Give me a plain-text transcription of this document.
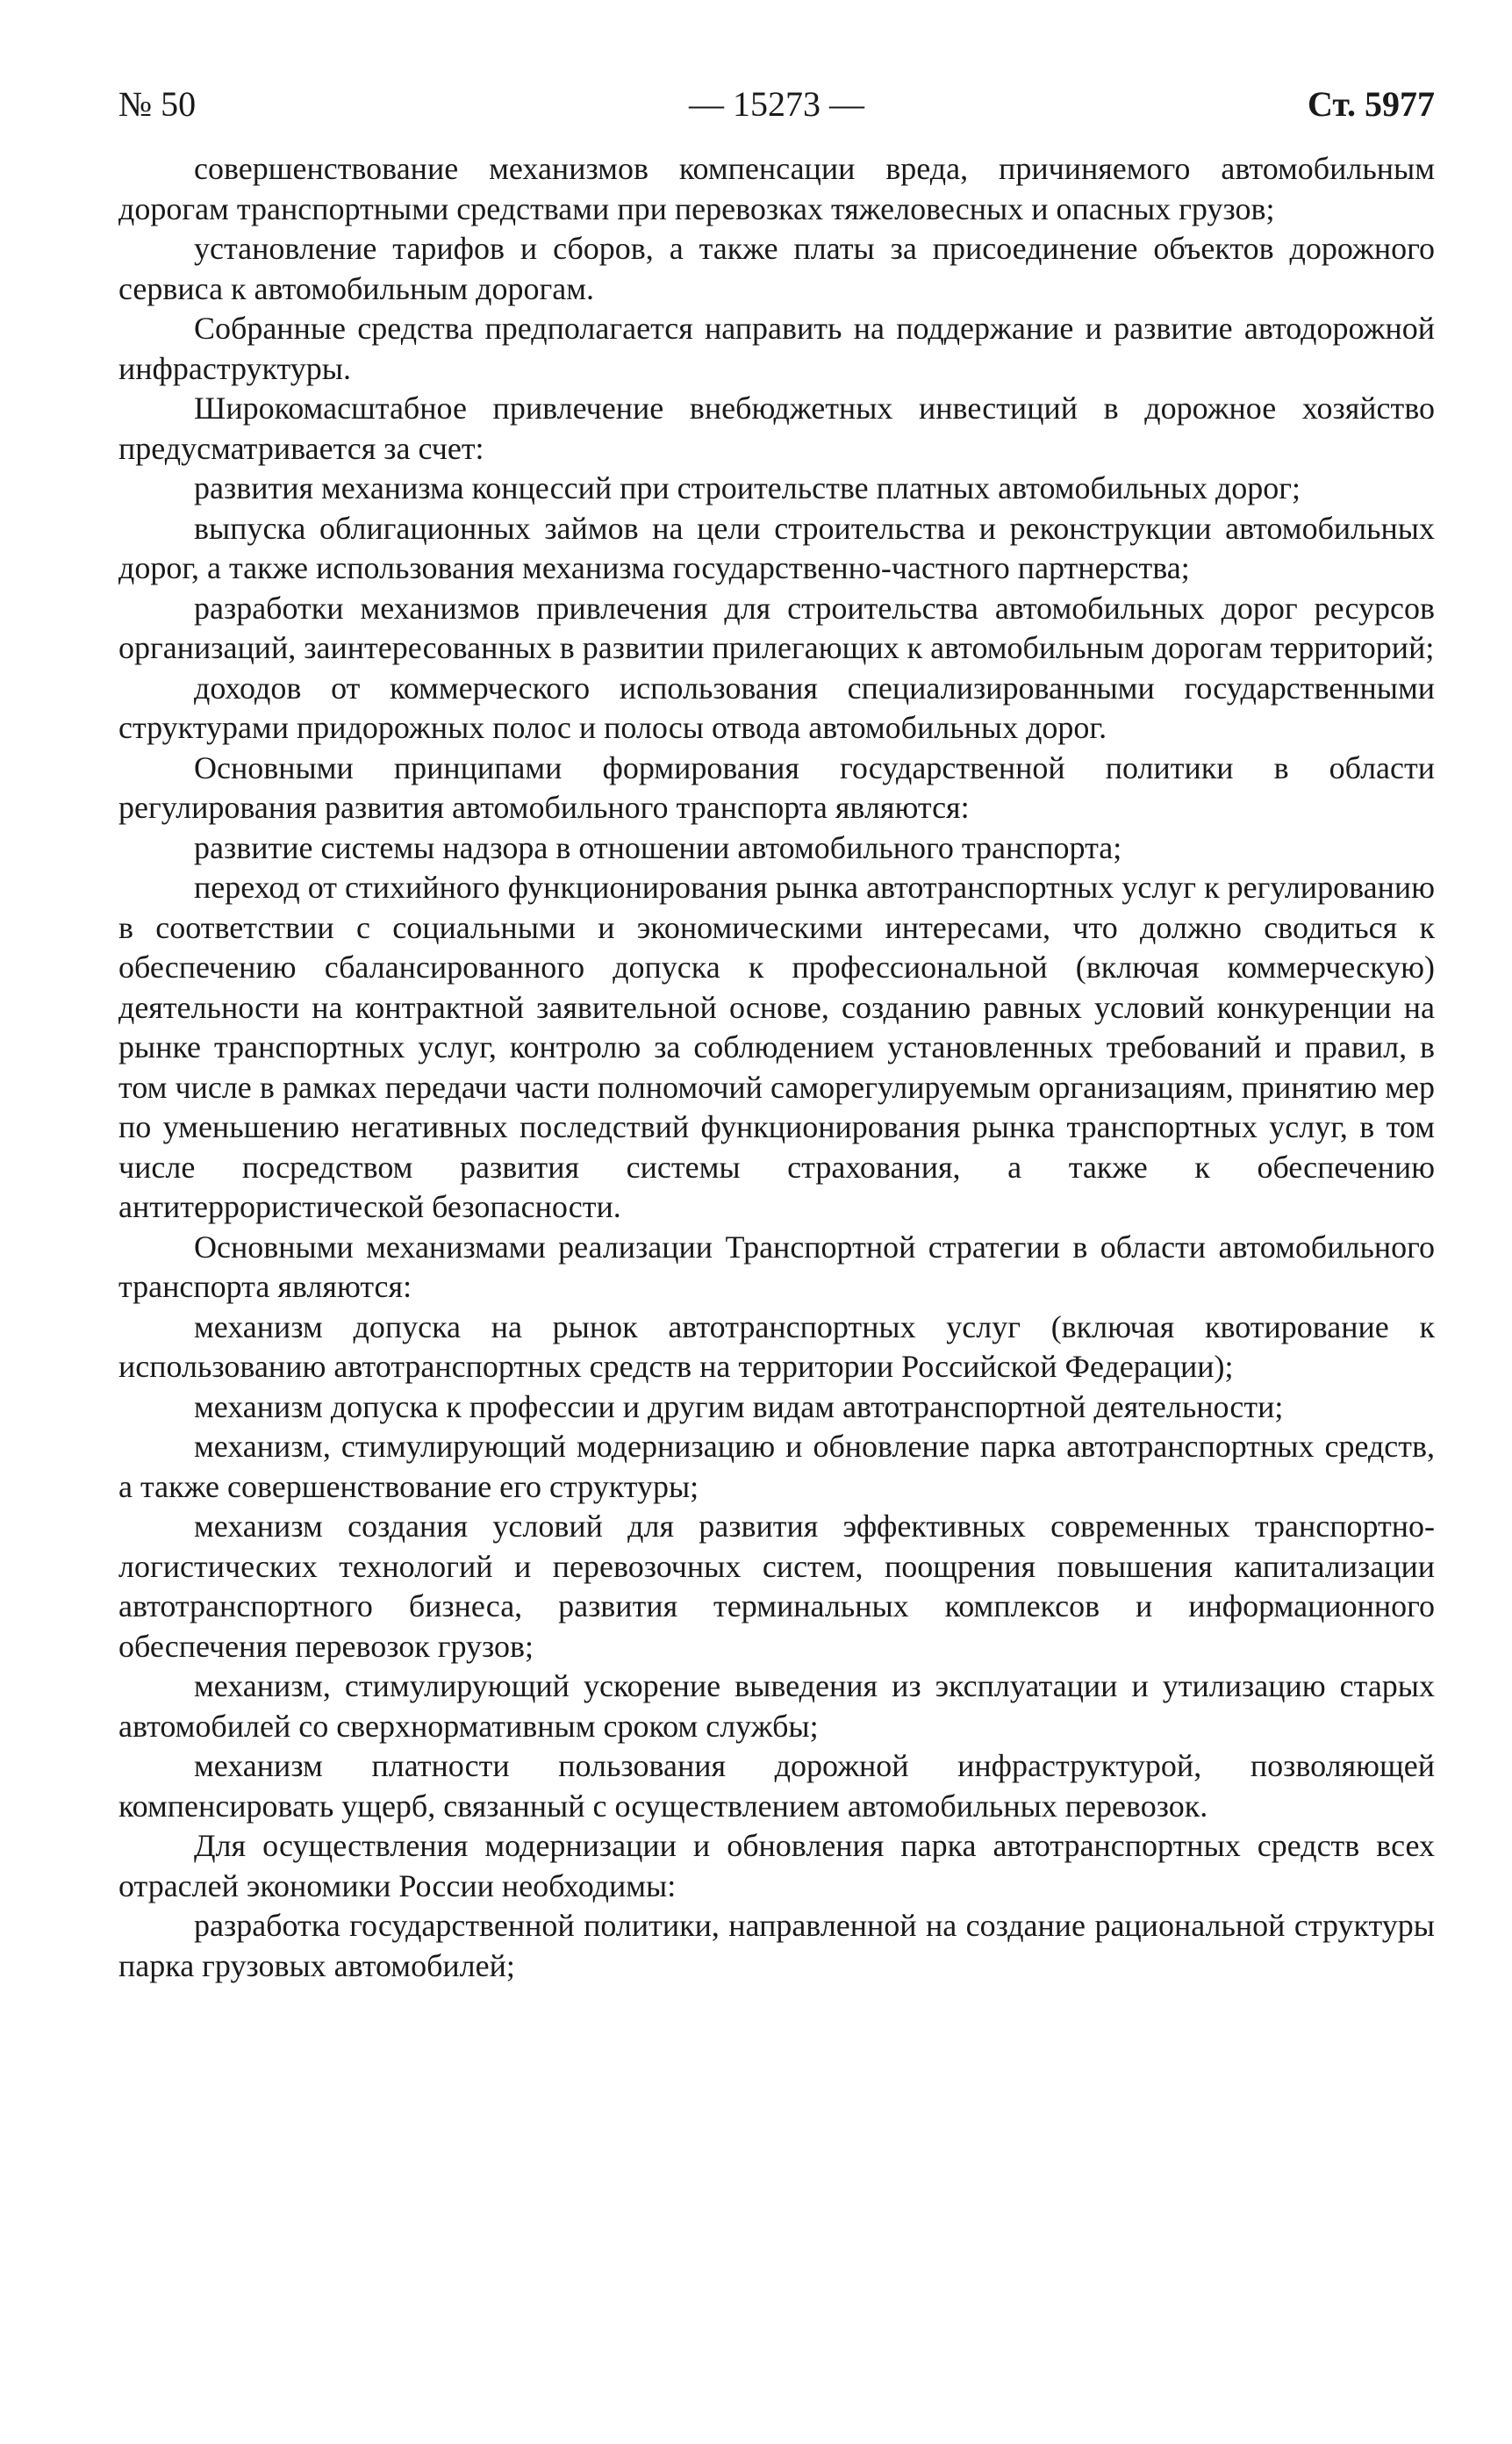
№ 50	— 15273 —	Ст. 5977

совершенствование механизмов компенсации вреда, причиняемого автомобильным дорогам транспортными средствами при перевозках тяжеловесных и опасных грузов;

установление тарифов и сборов, а также платы за присоединение объектов дорожного сервиса к автомобильным дорогам.

Собранные средства предполагается направить на поддержание и развитие автодорожной инфраструктуры.

Широкомасштабное привлечение внебюджетных инвестиций в дорожное хозяйство предусматривается за счет:

развития механизма концессий при строительстве платных автомобильных дорог;

выпуска облигационных займов на цели строительства и реконструкции автомобильных дорог, а также использования механизма государственно-частного партнерства;

разработки механизмов привлечения для строительства автомобильных дорог ресурсов организаций, заинтересованных в развитии прилегающих к автомобильным дорогам территорий;

доходов от коммерческого использования специализированными государственными структурами придорожных полос и полосы отвода автомобильных дорог.

Основными принципами формирования государственной политики в области регулирования развития автомобильного транспорта являются:

развитие системы надзора в отношении автомобильного транспорта;

переход от стихийного функционирования рынка автотранспортных услуг к регулированию в соответствии с социальными и экономическими интересами, что должно сводиться к обеспечению сбалансированного допуска к профессиональной (включая коммерческую) деятельности на контрактной заявительной основе, созданию равных условий конкуренции на рынке транспортных услуг, контролю за соблюдением установленных требований и правил, в том числе в рамках передачи части полномочий саморегулируемым организациям, принятию мер по уменьшению негативных последствий функционирования рынка транспортных услуг, в том числе посредством развития системы страхования, а также к обеспечению антитеррористической безопасности.

Основными механизмами реализации Транспортной стратегии в области автомобильного транспорта являются:

механизм допуска на рынок автотранспортных услуг (включая квотирование к использованию автотранспортных средств на территории Российской Федерации);

механизм допуска к профессии и другим видам автотранспортной деятельности;

механизм, стимулирующий модернизацию и обновление парка автотранспортных средств, а также совершенствование его структуры;

механизм создания условий для развития эффективных современных транспортно-логистических технологий и перевозочных систем, поощрения повышения капитализации автотранспортного бизнеса, развития терминальных комплексов и информационного обеспечения перевозок грузов;

механизм, стимулирующий ускорение выведения из эксплуатации и утилизацию старых автомобилей со сверхнормативным сроком службы;

механизм платности пользования дорожной инфраструктурой, позволяющей компенсировать ущерб, связанный с осуществлением автомобильных перевозок.

Для осуществления модернизации и обновления парка автотранспортных средств всех отраслей экономики России необходимы:

разработка государственной политики, направленной на создание рациональной структуры парка грузовых автомобилей;
